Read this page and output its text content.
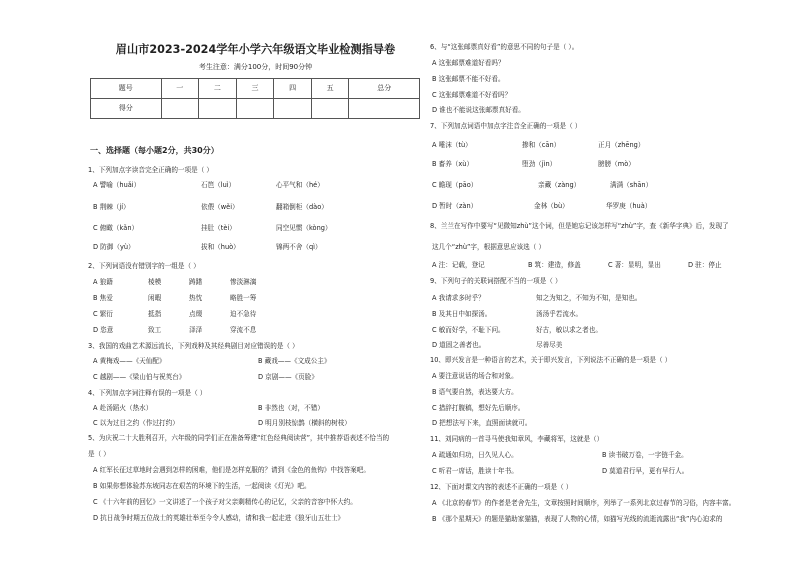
眉山市2023-2024学年小学六年级语文毕业检测指导卷
考生注意：满分100分，时间90分钟
题号	一	二	三	四	五	总分
得分						
一、选择题（每小题2分，共30分）
1、下列加点字读音完全正确的一项是（ ）
A 譬喻（huǎi）	石笆（luì）	心平气和（hé）
B 荆棘（jí）	依偎（wěi）	翻箱倒柜（dào）
C 俯瞰（kǎn）	挂肚（tèi）	同空见惯（kòng）
D 防御（yù）	拔和（huò）	锦两不舍（qì）
2、下列词语没有错别字的一组是（ ）
A 狼籍	棱模	踌躇	惨淡淋漓
B 焦爱	闲暇	热忱	略胜一筹
C 繁衍	抵指	点缀	迫不急待
D 恣意	致工	泽泽	穿流不息
3、我国的戏曲艺术源远流长，下列戏种及其经典剧目对应错误的是（ ）
A 黄梅戏——《天仙配》	B 藏戏——《文成公主》
C 越剧——《梁山伯与祝英台》	D 京剧——《页脸》
4、下列加点字词注释有误的一项是（ ）
A 赴汤蹈火（热水）	B 非然也（对，不错）
C 以为过目之约（作过打约）	D 明月别枝惊鹊（横斜的树枝）
5、为庆祝二十大胜利召开，六年级的同学们正在准备筹建“红色经典阅读营”，其中推荐语表述不恰当的
是（ ）
A 红军长征过草地时会遇到怎样的困难，他们是怎样克服的？请到《金色的鱼钩》中找答案吧。
B 如果你想体验苏东坡同志在艰苦的环境下的生活，一起阅读《灯光》吧。
C 《十六年前的回忆》一文讲述了一个孩子对父亲剩精传心的记忆，父亲的音容中怀大约。
D 抗日战争时期五位战士的英雄壮举至今令人感动，请和我一起走进《狼牙山五壮士》
6、与“这张邮票真好看”的意思不同的句子是（ ）。
A 这张邮票难道好看吗？
B 这张邮票不能不好看。
C 这张邮票难道不好看吗？
D 谁也不能说这张邮票真好看。
7、下列加点词语中加点字注音全正确的一项是（ ）
A 唾沫（tù）	掺和（cān）	正月（zhēng）
B 畜养（xù）	堕劲（jìn）	膀膀（mò）
C 瞻现（pāo）	亲藏（zàng）	满满（shān）
D 暂时（zàn）	金林（bù）	华罗庚（huà）
8、兰兰在写作中要写“见微知zhù”这个词，但是她忘记该怎样写“zhù”字，查《新华字典》后，发现了
这几个“zhù”字，根据意思应该选（ ）
A 注：记载，登记	B 筑：建造，修盖	C 著：显明，显出	D 驻：停止
9、下列句子的关联词搭配不当的一项是（ ）
A 我请求多时乎？	知之为知之，不知为不知，是知也。
B 及其日中如探汤。	汤汤乎若流水。
C 敏而好学，不耻下问。	好古，敏以求之者也。
D 道固之善者也。	尽善尽美
10、即兴发言是一种语言的艺术，关于即兴发言，下列说法不正确的是一项是（ ）
A 要注意说话的场合和对象。
B 语气要自然，表达要大方。
C 措辞打腹稿，想好先后顺序。
D 把想法写下来，直照面读就可。
11、刘同病的一首寻马使我知章风，李藏将军，这就是（）
A 疏通如归功，日久见人心。	B 读书破万卷，一字链千金。
C 听君一席话，胜读十年书。	D 莫道君行早，更有早行人。
12、下面对课文内容的表述不正确的一项是（ ）
A 《北京的春节》的作者是老舍先生，文章按照时间顺序，列举了一系列北京过春节的习俗，内容丰富。
B 《那个星期天》的题是猫助家猫猫，表现了人物的心情，如猫写光线的流逝流露出“我”内心迫求的
